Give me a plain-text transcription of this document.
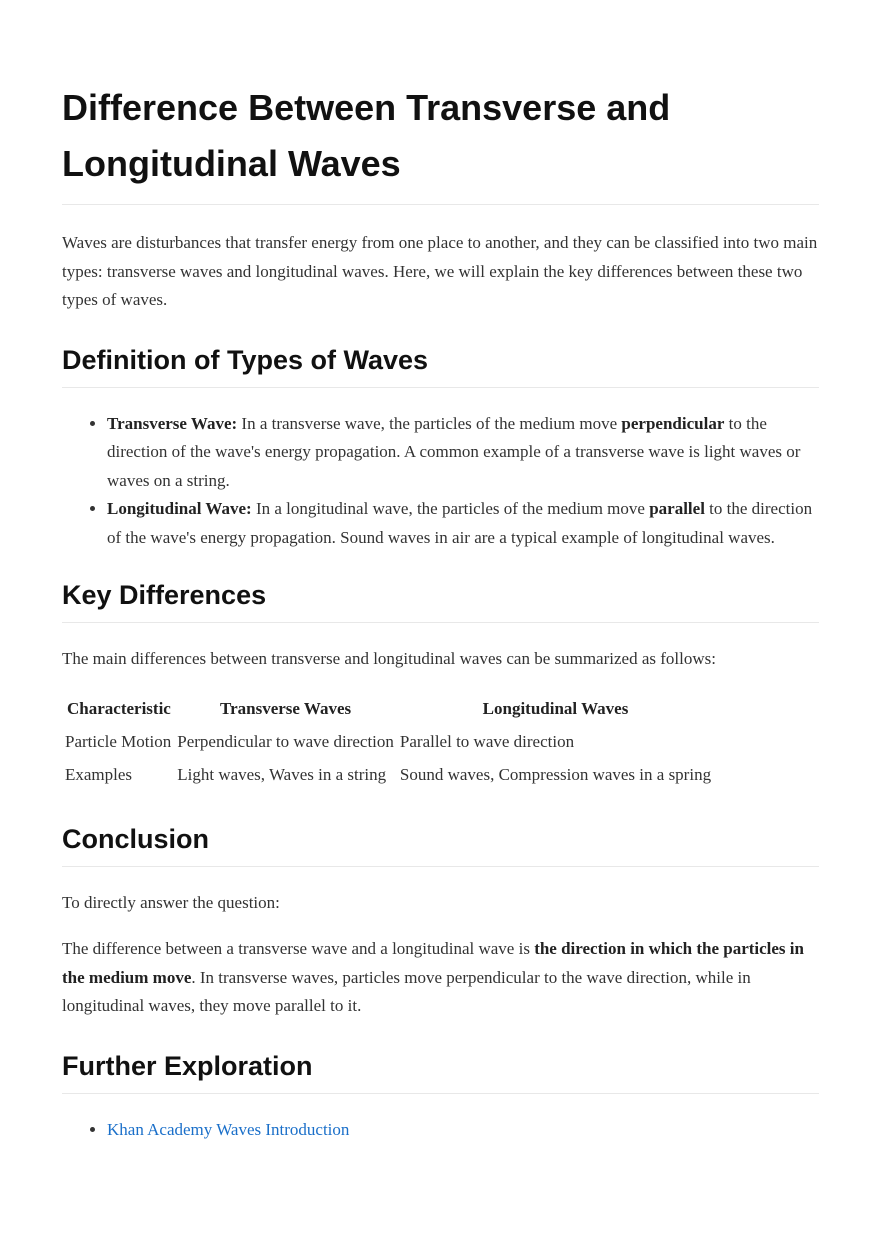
Difference Between Transverse and Longitudinal Waves

Waves are disturbances that transfer energy from one place to another, and they can be classified into two main types: transverse waves and longitudinal waves. Here, we will explain the key differences between these two types of waves.

Definition of Types of Waves
• Transverse Wave: In a transverse wave, the particles of the medium move perpendicular to the direction of the wave's energy propagation. A common example of a transverse wave is light waves or waves on a string.
• Longitudinal Wave: In a longitudinal wave, the particles of the medium move parallel to the direction of the wave's energy propagation. Sound waves in air are a typical example of longitudinal waves.
Key Differences

The main differences between transverse and longitudinal waves can be summarized as follows:

Characteristic	Transverse Waves	Longitudinal Waves
Particle Motion	Perpendicular to wave direction	Parallel to wave direction
Examples	Light waves, Waves in a string	Sound waves, Compression waves in a spring
Conclusion

To directly answer the question:

The difference between a transverse wave and a longitudinal wave is the direction in which the particles in the medium move. In transverse waves, particles move perpendicular to the wave direction, while in longitudinal waves, they move parallel to it.

Further Exploration
• Khan Academy Waves Introduction
